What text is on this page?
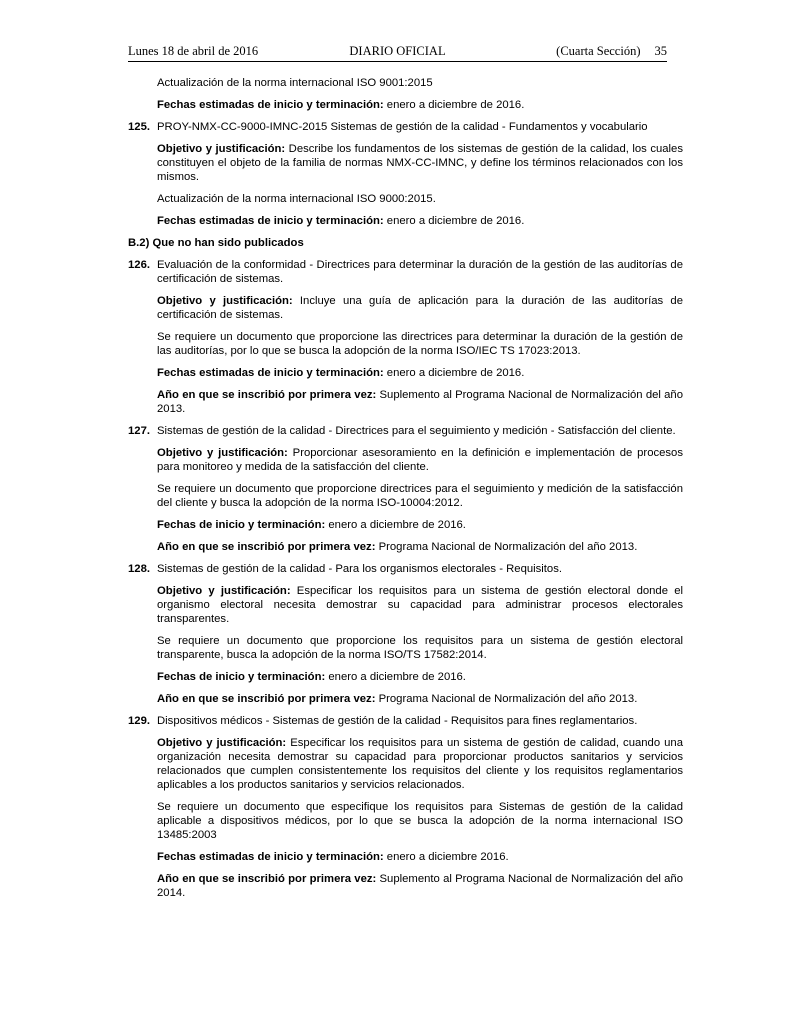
Lunes 18 de abril de 2016	DIARIO OFICIAL	(Cuarta Sección) 35

Actualización de la norma internacional ISO 9001:2015

Fechas estimadas de inicio y terminación: enero a diciembre de 2016.

125. PROY-NMX-CC-9000-IMNC-2015 Sistemas de gestión de la calidad - Fundamentos y vocabulario

Objetivo y justificación: Describe los fundamentos de los sistemas de gestión de la calidad, los cuales constituyen el objeto de la familia de normas NMX-CC-IMNC, y define los términos relacionados con los mismos.

Actualización de la norma internacional ISO 9000:2015.

Fechas estimadas de inicio y terminación: enero a diciembre de 2016.

B.2) Que no han sido publicados

126. Evaluación de la conformidad - Directrices para determinar la duración de la gestión de las auditorías de certificación de sistemas.

Objetivo y justificación: Incluye una guía de aplicación para la duración de las auditorías de certificación de sistemas.

Se requiere un documento que proporcione las directrices para determinar la duración de la gestión de las auditorías, por lo que se busca la adopción de la norma ISO/IEC TS 17023:2013.

Fechas estimadas de inicio y terminación: enero a diciembre de 2016.

Año en que se inscribió por primera vez: Suplemento al Programa Nacional de Normalización del año 2013.

127. Sistemas de gestión de la calidad - Directrices para el seguimiento y medición - Satisfacción del cliente.

Objetivo y justificación: Proporcionar asesoramiento en la definición e implementación de procesos para monitoreo y medida de la satisfacción del cliente.

Se requiere un documento que proporcione directrices para el seguimiento y medición de la satisfacción del cliente y busca la adopción de la norma ISO-10004:2012.

Fechas de inicio y terminación: enero a diciembre de 2016.

Año en que se inscribió por primera vez: Programa Nacional de Normalización del año 2013.

128. Sistemas de gestión de la calidad - Para los organismos electorales - Requisitos.

Objetivo y justificación: Especificar los requisitos para un sistema de gestión electoral donde el organismo electoral necesita demostrar su capacidad para administrar procesos electorales transparentes.

Se requiere un documento que proporcione los requisitos para un sistema de gestión electoral transparente, busca la adopción de la norma ISO/TS 17582:2014.

Fechas de inicio y terminación: enero a diciembre de 2016.

Año en que se inscribió por primera vez: Programa Nacional de Normalización del año 2013.

129. Dispositivos médicos - Sistemas de gestión de la calidad - Requisitos para fines reglamentarios.

Objetivo y justificación: Especificar los requisitos para un sistema de gestión de calidad, cuando una organización necesita demostrar su capacidad para proporcionar productos sanitarios y servicios relacionados que cumplen consistentemente los requisitos del cliente y los requisitos reglamentarios aplicables a los productos sanitarios y servicios relacionados.

Se requiere un documento que especifique los requisitos para Sistemas de gestión de la calidad aplicable a dispositivos médicos, por lo que se busca la adopción de la norma internacional ISO 13485:2003

Fechas estimadas de inicio y terminación: enero a diciembre 2016.

Año en que se inscribió por primera vez: Suplemento al Programa Nacional de Normalización del año 2014.
